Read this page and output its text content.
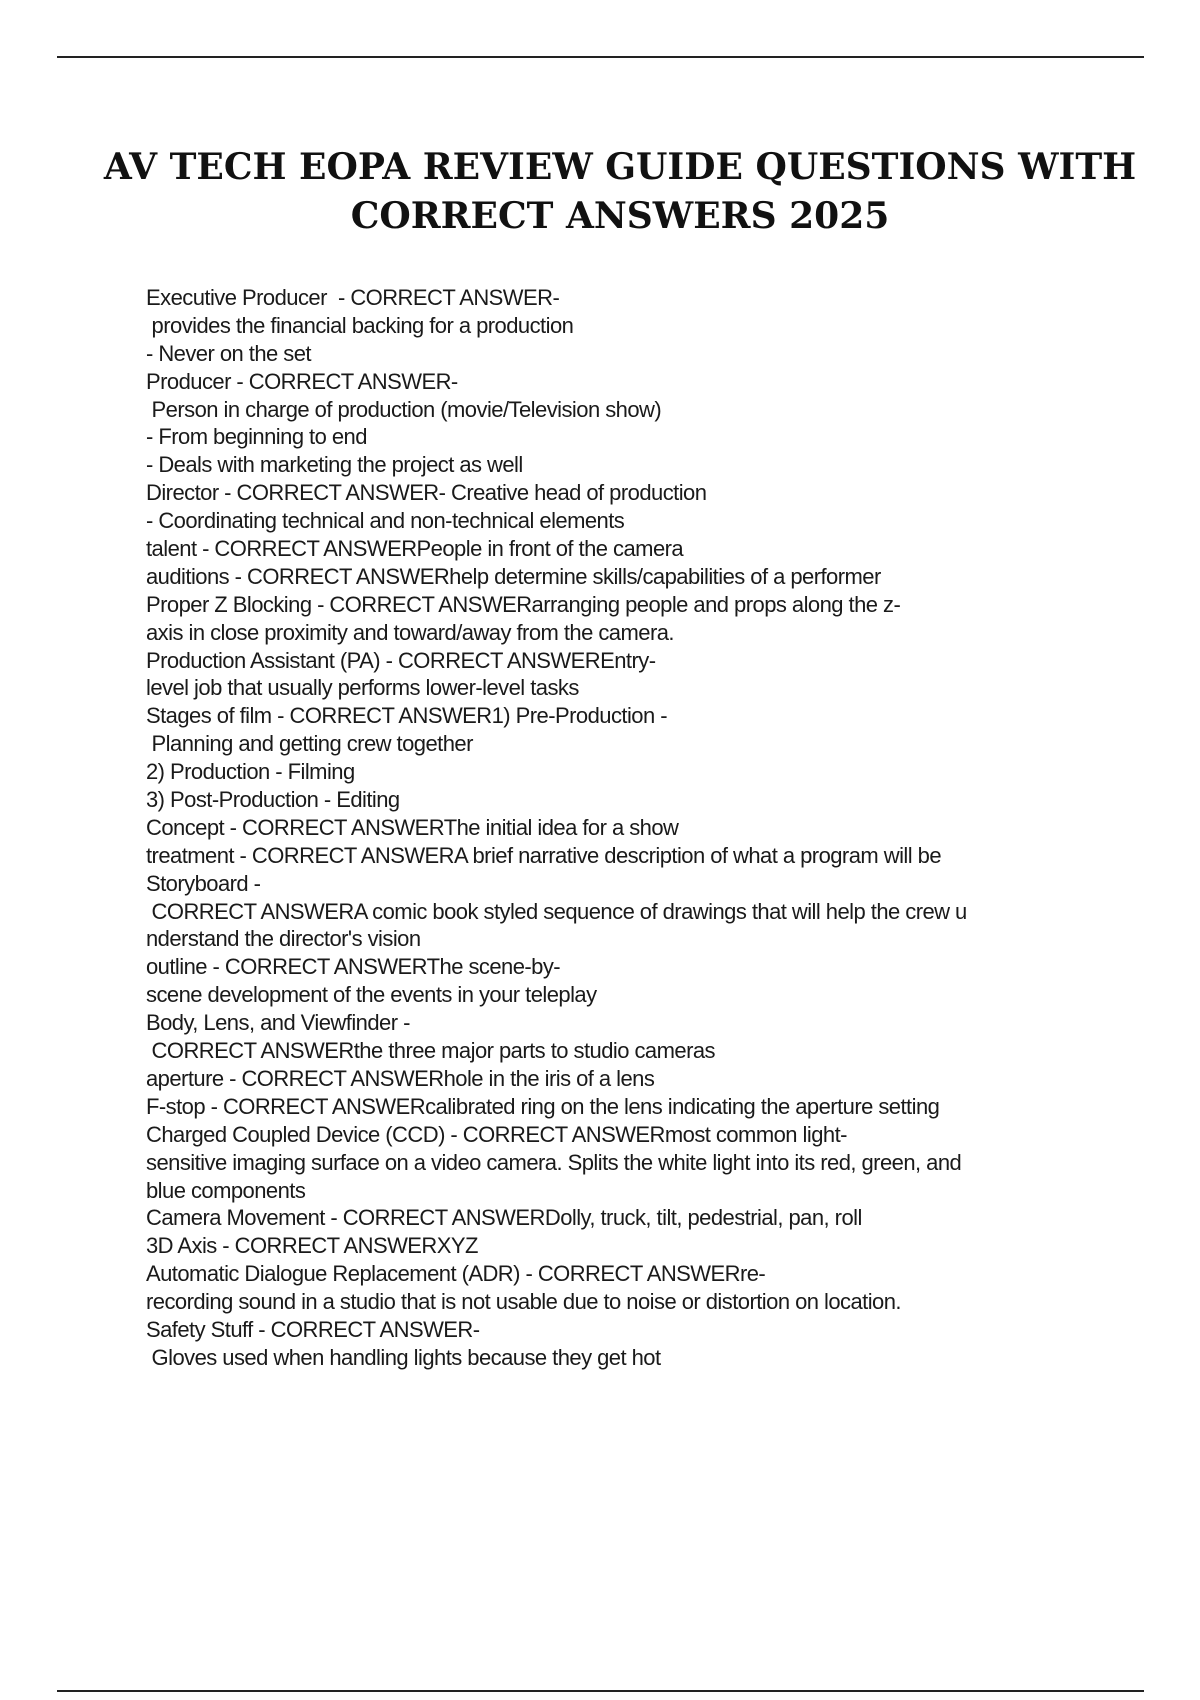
AV TECH EOPA REVIEW GUIDE QUESTIONS WITH
CORRECT ANSWERS 2025
Executive Producer  - CORRECT ANSWER-
provides the financial backing for a production
- Never on the set
Producer - CORRECT ANSWER-
Person in charge of production (movie/Television show)
- From beginning to end
- Deals with marketing the project as well
Director - CORRECT ANSWER- Creative head of production
- Coordinating technical and non-technical elements
talent - CORRECT ANSWERPeople in front of the camera
auditions - CORRECT ANSWERhelp determine skills/capabilities of a performer
Proper Z Blocking - CORRECT ANSWERarranging people and props along the z-
axis in close proximity and toward/away from the camera.
Production Assistant (PA) - CORRECT ANSWEREntry-
level job that usually performs lower-level tasks
Stages of film - CORRECT ANSWER1) Pre-Production -
Planning and getting crew together
2) Production - Filming
3) Post-Production - Editing
Concept - CORRECT ANSWERThe initial idea for a show
treatment - CORRECT ANSWERA brief narrative description of what a program will be
Storyboard -
CORRECT ANSWERA comic book styled sequence of drawings that will help the crew u
nderstand the director's vision
outline - CORRECT ANSWERThe scene-by-
scene development of the events in your teleplay
Body, Lens, and Viewfinder -
CORRECT ANSWERthe three major parts to studio cameras
aperture - CORRECT ANSWERhole in the iris of a lens
F-stop - CORRECT ANSWERcalibrated ring on the lens indicating the aperture setting
Charged Coupled Device (CCD) - CORRECT ANSWERmost common light-
sensitive imaging surface on a video camera. Splits the white light into its red, green, and
blue components
Camera Movement - CORRECT ANSWERDolly, truck, tilt, pedestrial, pan, roll
3D Axis - CORRECT ANSWERXYZ
Automatic Dialogue Replacement (ADR) - CORRECT ANSWERre-
recording sound in a studio that is not usable due to noise or distortion on location.
Safety Stuff - CORRECT ANSWER-
Gloves used when handling lights because they get hot
